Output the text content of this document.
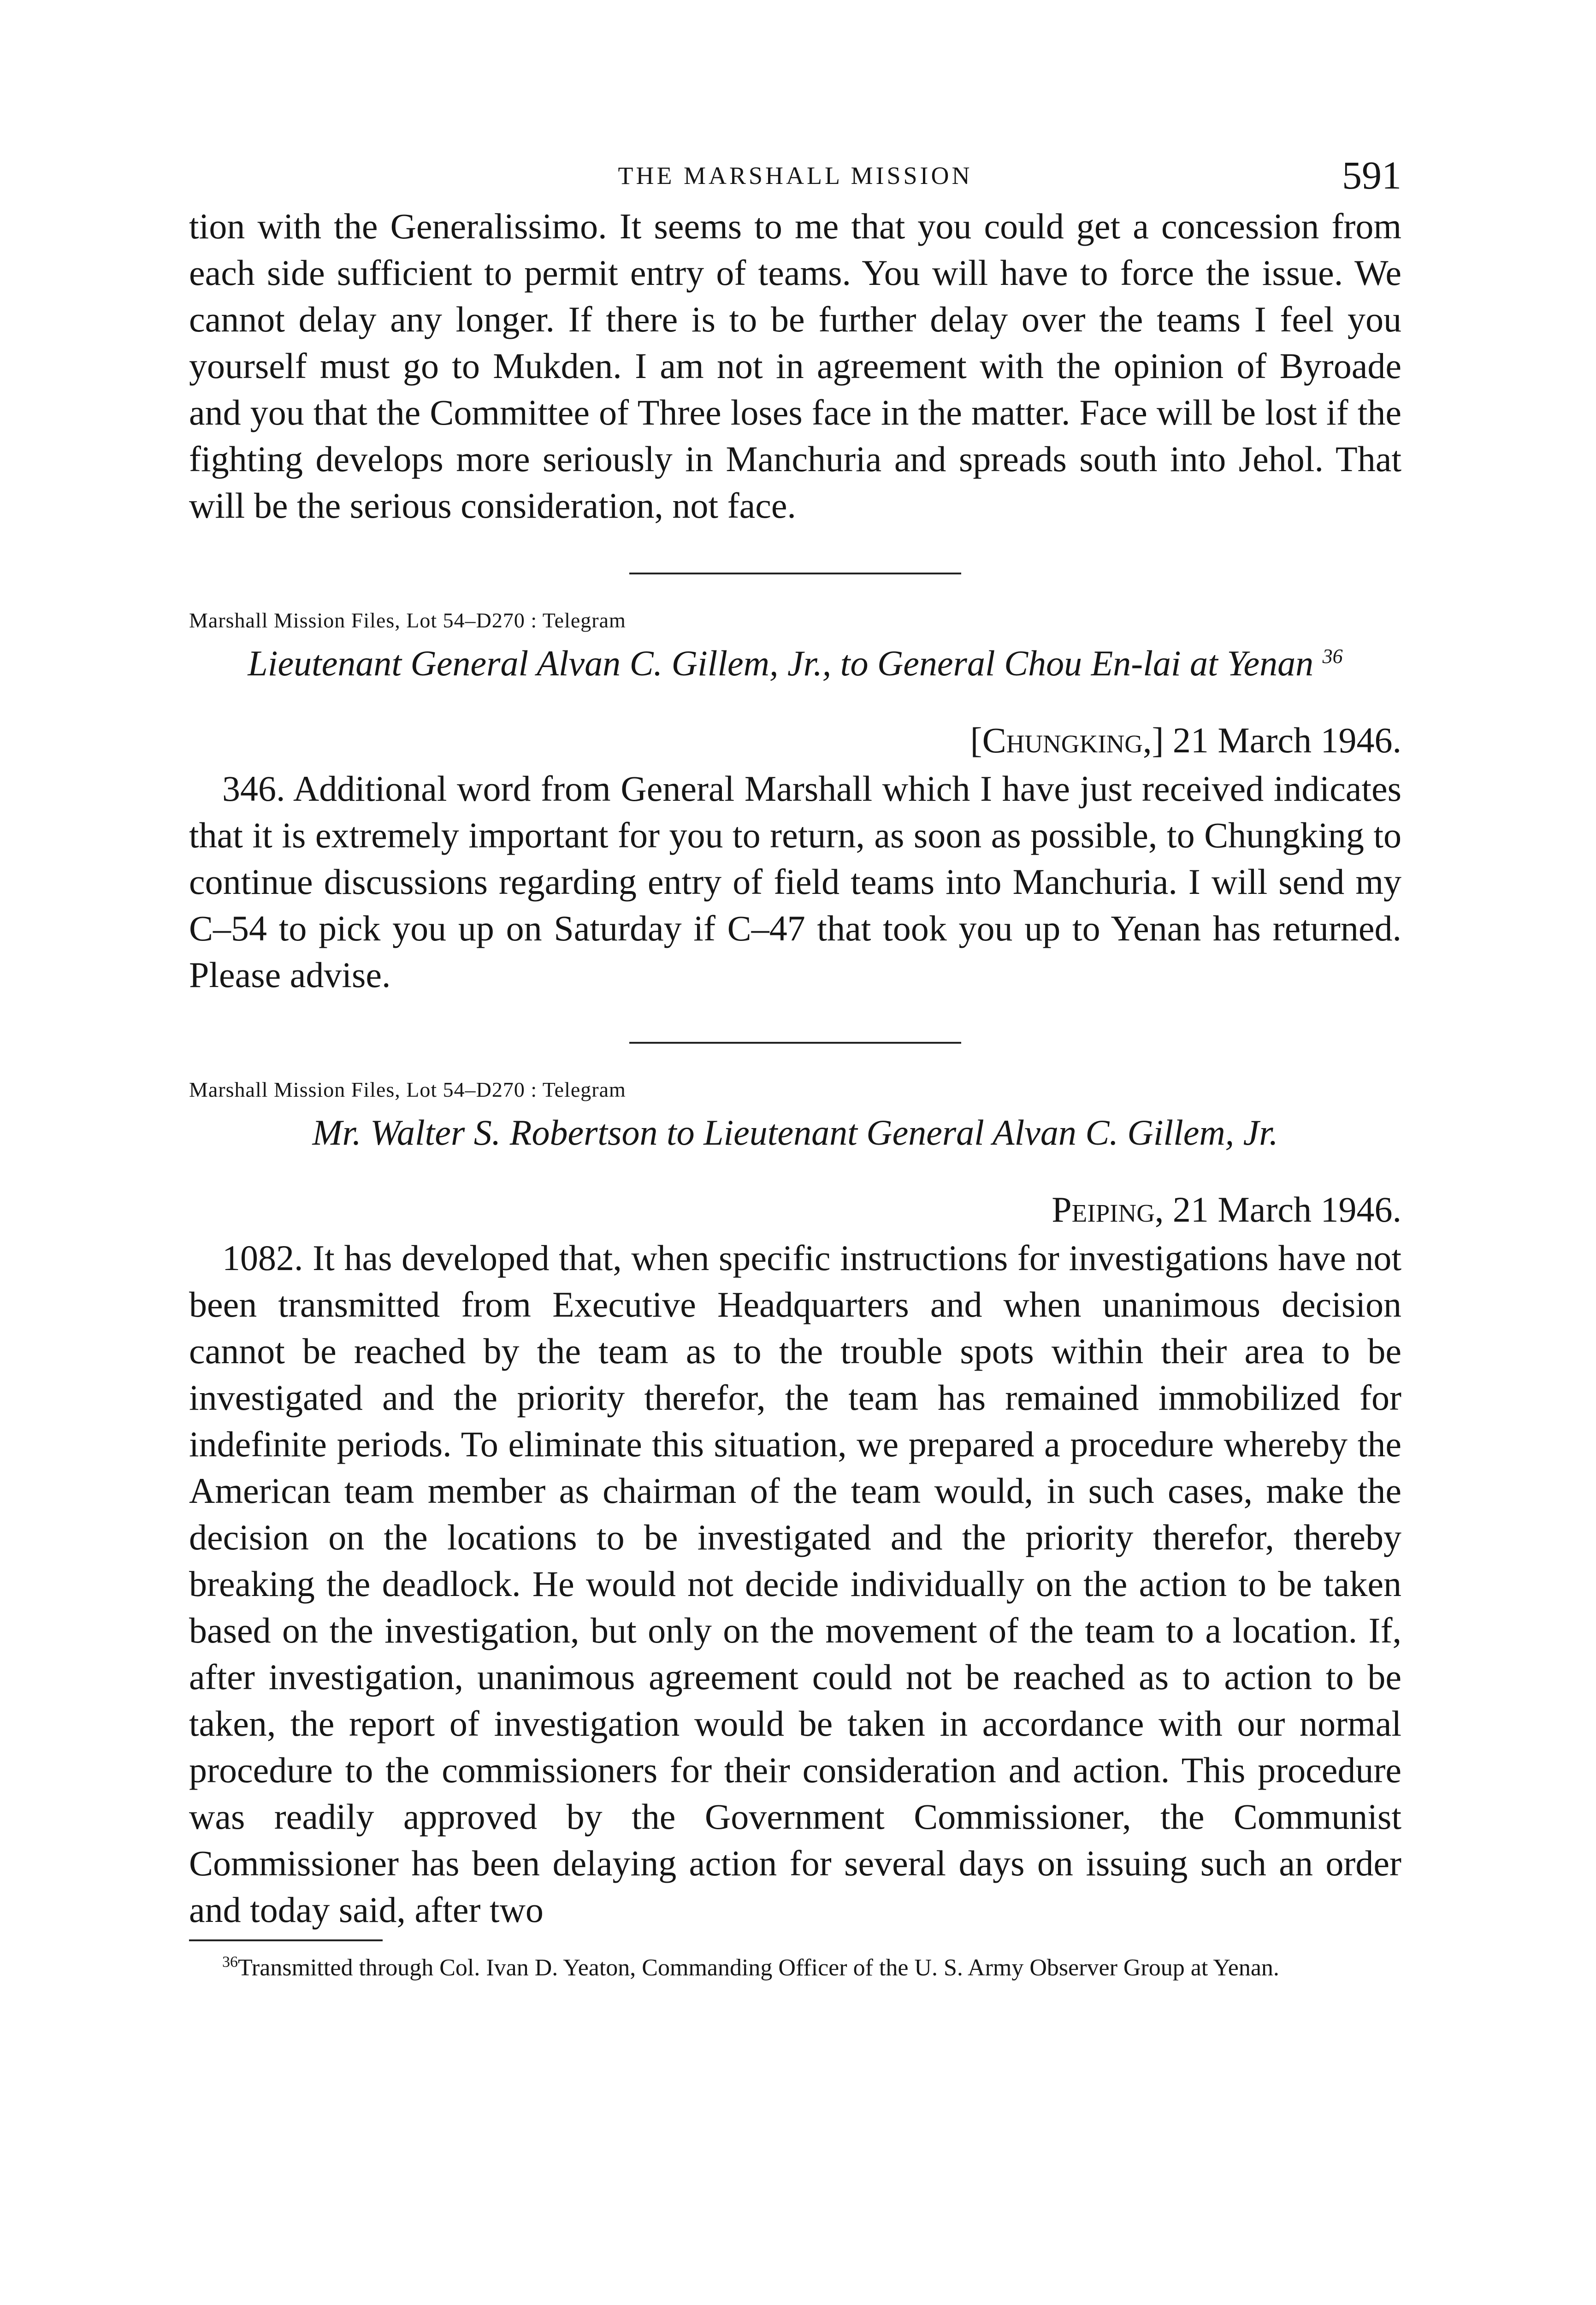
THE MARSHALL MISSION	591

tion with the Generalissimo. It seems to me that you could get a concession from each side sufficient to permit entry of teams. You will have to force the issue. We cannot delay any longer. If there is to be further delay over the teams I feel you yourself must go to Mukden. I am not in agreement with the opinion of Byroade and you that the Committee of Three loses face in the matter. Face will be lost if the fighting develops more seriously in Manchuria and spreads south into Jehol. That will be the serious consideration, not face.

Marshall Mission Files, Lot 54–D270 : Telegram

Lieutenant General Alvan C. Gillem, Jr., to General Chou En-lai at Yenan $^{36}$

[Chungking,] 21 March 1946.

346. Additional word from General Marshall which I have just received indicates that it is extremely important for you to return, as soon as possible, to Chungking to continue discussions regarding entry of field teams into Manchuria. I will send my C–54 to pick you up on Saturday if C–47 that took you up to Yenan has returned. Please advise.

Marshall Mission Files, Lot 54–D270 : Telegram

Mr. Walter S. Robertson to Lieutenant General Alvan C. Gillem, Jr.

Peiping, 21 March 1946.

1082. It has developed that, when specific instructions for investigations have not been transmitted from Executive Headquarters and when unanimous decision cannot be reached by the team as to the trouble spots within their area to be investigated and the priority therefor, the team has remained immobilized for indefinite periods. To eliminate this situation, we prepared a procedure whereby the American team member as chairman of the team would, in such cases, make the decision on the locations to be investigated and the priority therefor, thereby breaking the deadlock. He would not decide individually on the action to be taken based on the investigation, but only on the movement of the team to a location. If, after investigation, unanimous agreement could not be reached as to action to be taken, the report of investigation would be taken in accordance with our normal procedure to the commissioners for their consideration and action. This procedure was readily approved by the Government Commissioner, the Communist Commissioner has been delaying action for several days on issuing such an order and today said, after two

$^{36}$Transmitted through Col. Ivan D. Yeaton, Commanding Officer of the U. S. Army Observer Group at Yenan.
